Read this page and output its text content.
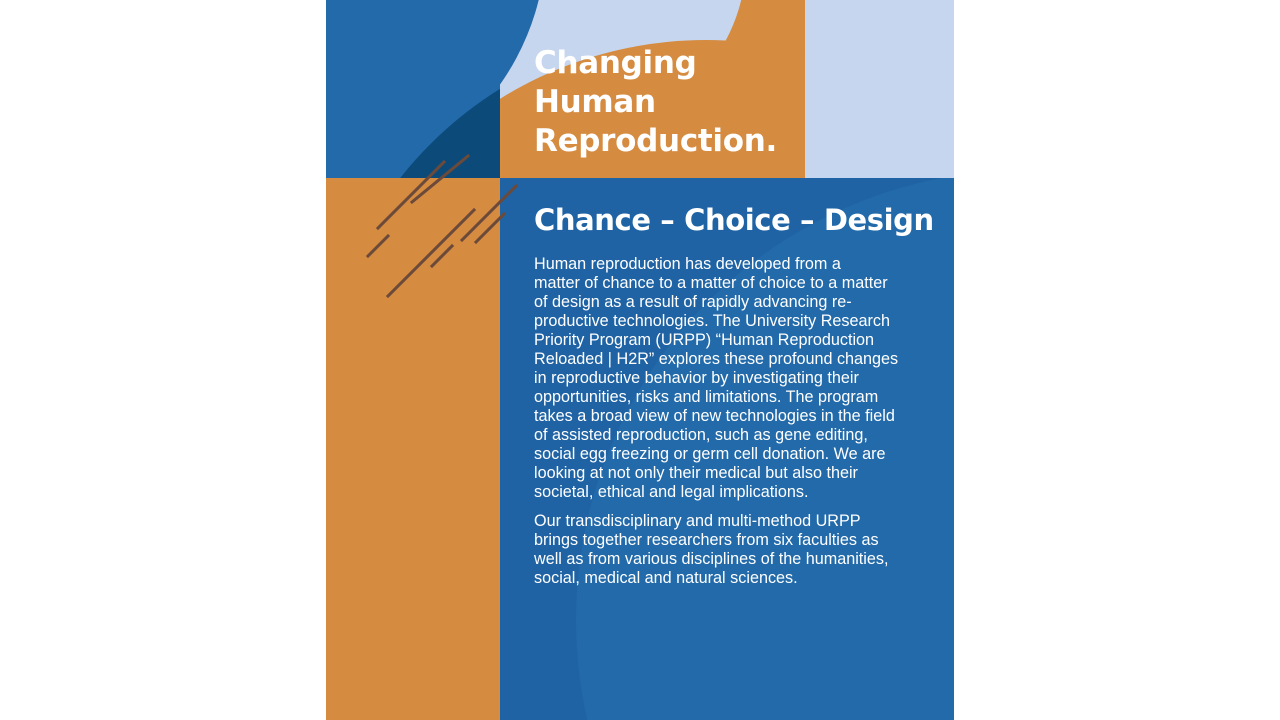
Changing
Human
Reproduction.
Chance – Choice – Design

Human reproduction has developed from a
matter of chance to a matter of choice to a matter
of design as a result of rapidly advancing re-
productive technologies. The University Research
Priority Program (URPP) “Human Reproduction
Reloaded | H2R” explores these profound changes
in reproductive behavior by investigating their
opportunities, risks and limitations. The program
takes a broad view of new technologies in the field
of assisted reproduction, such as gene editing,
social egg freezing or germ cell donation. We are
looking at not only their medical but also their
societal, ethical and legal implications.

Our transdisciplinary and multi-method URPP
brings together researchers from six faculties as
well as from various disciplines of the humanities,
social, medical and natural sciences.
